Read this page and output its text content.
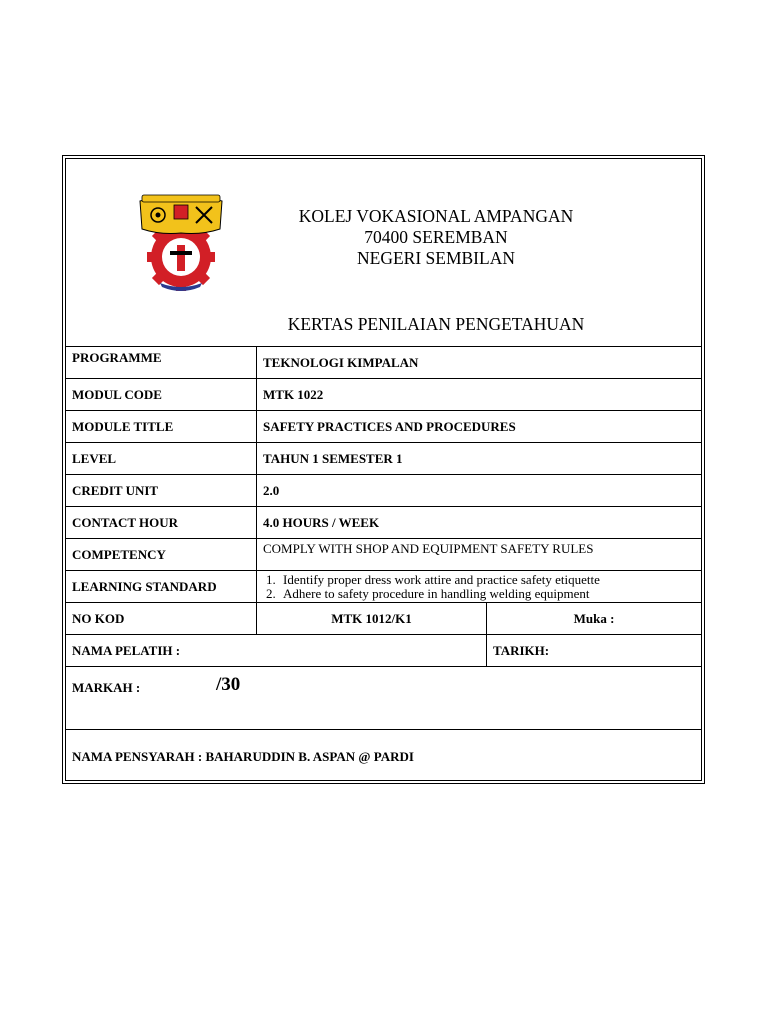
KOLEJ VOKASIONAL AMPANGAN
70400 SEREMBAN
NEGERI SEMBILAN
KERTAS PENILAIAN PENGETAHUAN
PROGRAMME	TEKNOLOGI KIMPALAN
MODUL CODE	MTK 1022
MODULE TITLE	SAFETY PRACTICES AND PROCEDURES
LEVEL	TAHUN 1 SEMESTER 1
CREDIT UNIT	2.0
CONTACT HOUR	4.0 HOURS / WEEK
COMPETENCY	COMPLY WITH SHOP AND EQUIPMENT SAFETY RULES
LEARNING STANDARD
1.	Identify proper dress work attire and practice safety etiquette
2. Adhere to safety procedure in handling welding equipment
NO KOD	MTK 1012/K1	Muka :
NAMA PELATIH :	TARIKH:
MARKAH :	/30
NAMA PENSYARAH : BAHARUDDIN B. ASPAN @ PARDI
